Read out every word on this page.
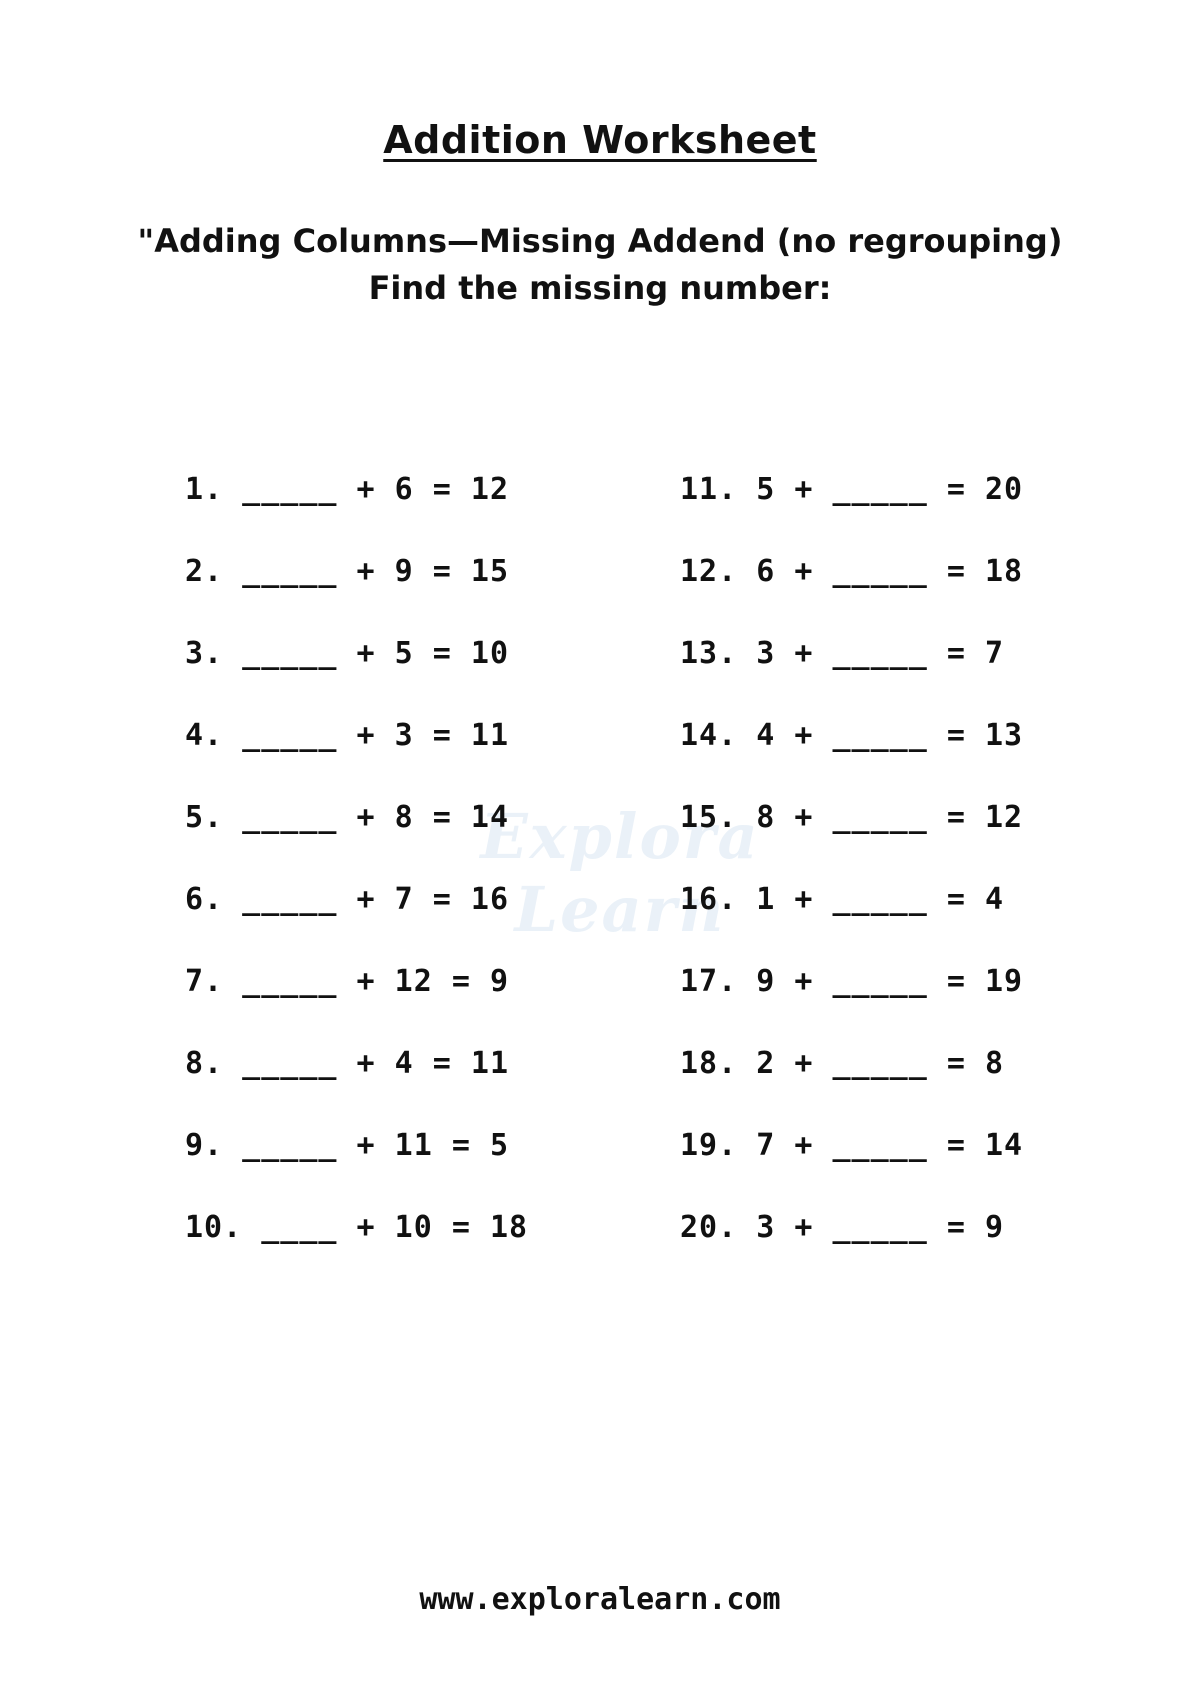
Addition Worksheet

"Adding Columns—Missing Addend (no regrouping)

Find the missing number:

Explora Learn
1. _____ + 6 = 12
2. _____ + 9 = 15
3. _____ + 5 = 10
4. _____ + 3 = 11
5. _____ + 8 = 14
6. _____ + 7 = 16
7. _____ + 12 = 9
8. _____ + 4 = 11
9. _____ + 11 = 5
10. ____ + 10 = 18
11. 5 + _____ = 20
12. 6 + _____ = 18
13. 3 + _____ = 7
14. 4 + _____ = 13
15. 8 + _____ = 12
16. 1 + _____ = 4
17. 9 + _____ = 19
18. 2 + _____ = 8
19. 7 + _____ = 14
20. 3 + _____ = 9
www.exploralearn.com
